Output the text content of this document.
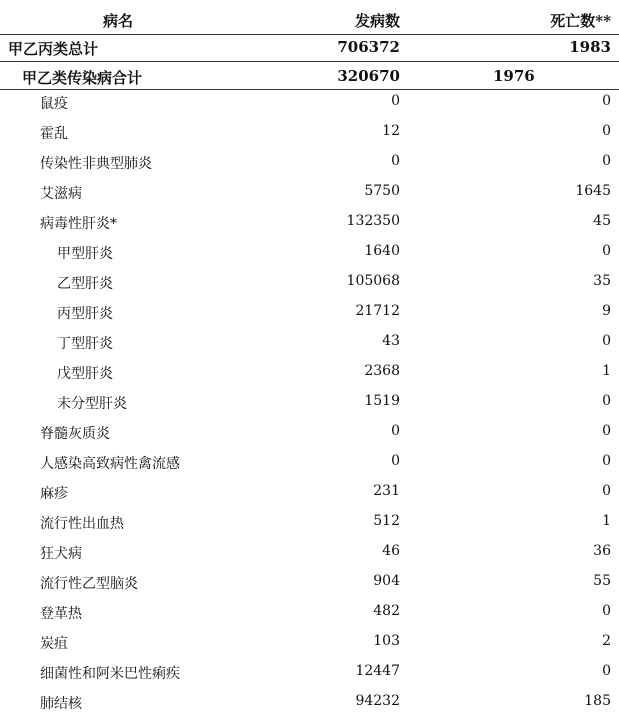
病名	发病数	死亡数**
甲乙丙类总计	706372	1983
甲乙类传染病合计	320670	1976
鼠疫	0	0
霍乱	12	0
传染性非典型肺炎	0	0
艾滋病	5750	1645
病毒性肝炎*	132350	45
甲型肝炎	1640	0
乙型肝炎	105068	35
丙型肝炎	21712	9
丁型肝炎	43	0
戊型肝炎	2368	1
未分型肝炎	1519	0
脊髓灰质炎	0	0
人感染高致病性禽流感	0	0
麻疹	231	0
流行性出血热	512	1
狂犬病	46	36
流行性乙型脑炎	904	55
登革热	482	0
炭疽	103	2
细菌性和阿米巴性痢疾	12447	0
肺结核	94232	185
